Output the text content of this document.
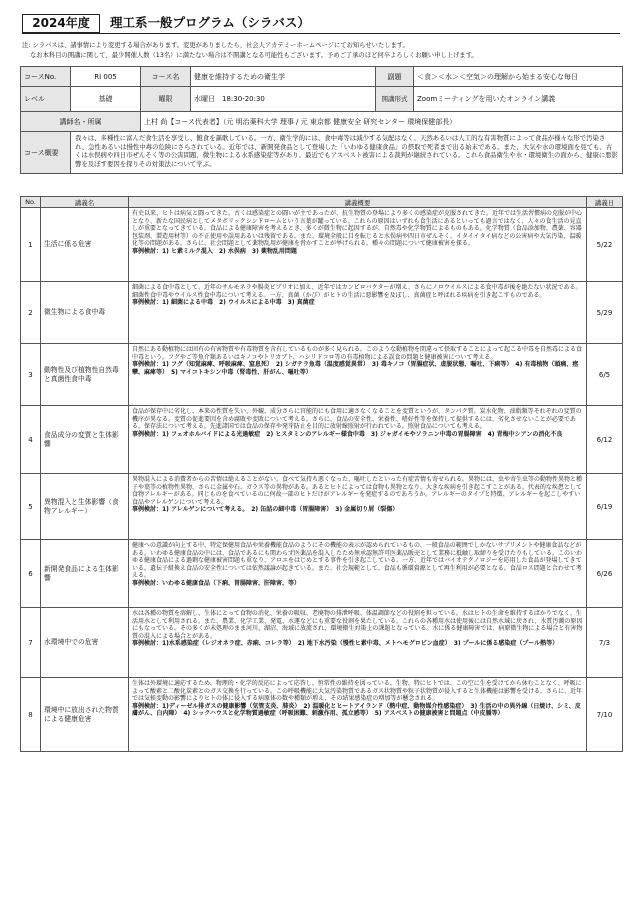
2024年度	理工系一般プログラム（シラバス）
注: シラバスは、諸事情により変更する場合があります。変更がありましたら、社会人アカデミーホームページにてお知らせいたします。
なお本科目の開講に関して、最少開催人数（13名）に満たない場合は不開講となる可能性もございます。予めご了承のほど何卒よろしくお願い申し上げます。
コースNo.	RI 005	コース名	健康を維持するための衛生学	副題	＜食＞＜水＞＜空気＞の理解から始まる安心な毎日
レベル	基礎	曜限	水曜日　18:30-20:30	開講形式	Zoomミーティングを用いたオンライン講義
講師名・所属		上村 尚【コース代表者】（元 明治薬科大学 理事 / 元 東京都 健康安全 研究センター 環境保健部長）			
コース概要	我々は、多種性に富んだ食生活を享受し、飽食を謳歌している。一方、衛生学的には、食中毒等は減少する気配はなく、天然あるいは人工的な有害物質によって食品が様々な形で汚染され、急性あるいは慢性中毒の危険にさらされている。近年では、新開発食品として登場した「いわゆる健康食品」の摂取で死者まで出る始末である。また、大気や水の環境面を見ても、古くは水俣病や四日市ぜんそく等の公害問題、微生物による水系感染症等があり、最近でもアスベスト被害による裁判が継続されている。これら食品衛生や水・環境衛生の面から、健康に悪影響を及ぼす要因を探りその対策法について学ぶ。				
No.	講義名	講義概要	講義日
1	生活に係る危害	有史以来、ヒトは病気と闘ってきた。古くは感染症との闘いが主であったが、抗生物質の登場により多くの感染症が克服されてきた。近年では生活習慣病の克服が中心となり、新たな国民病としてメタボリックシンドロームという言葉が躍っている。これらの原因はいずれも食生活にあるといっても過言ではなく、人々の食生活の見直しが重要となってきている。食品による健康障害を考えるとき、多くが微生物に起因するが、自然毒や化学物質によるものもある。化学物質（食品添加物、農薬、容器包装剤、製造用材等）の不正使用や誤用あるいは残留である。また、環境全般に目を転じると水俣病や四日市ぜんそく、イタイイタイ病などの公害病や大気汚染、温暖化等の問題がある。さらに、社会問題として薬物乱用が健康を脅かすことが挙げられる。種々の問題について健康被害を探る。
事例検討：1) ヒ素ミルク混入　2) 水俣病　3) 薬物乱用問題	5/22
2	微生物による食中毒	細菌による食中毒として、近年のサルモネラや腸炎ビブリオに加え、近年ではカンピロバクターが増え、さらにノロウイルスによる食中毒が後を絶たない状況である。細菌性食中毒やウイルス性食中毒について考える。一方、真菌（かび）がヒトの生活に悪影響を及ぼし、真菌症と呼ばれる疾病を引き起こすものである。
事例検討：1) 細菌による中毒　2) ウイルスによる中毒　3) 真菌症	5/29
3	動物性及び植物性自然毒と真菌性食中毒	自然にある動植物には固有の有害物質や有毒物質を含有しているものが多く見られる。このような動植物を間違って摂取することによって起こる中毒を自然毒による食中毒という。フグやご等魚介類あるいはキノコやトリカブト、ハシリドコロ等の有毒植物による誤食の問題と健康被害について考える。
事例検討：1) フグ（知覚麻痺、呼吸麻痺、窒息死）　2) シガテラ魚毒（温度感覚異常）　3) 毒キノコ（胃腸症状、虚脱状態、嘔吐、下痢等）　4) 有毒植物（頭痛、痙攣、麻痺等）　5) マイコトキシン中毒（腎毒性、肝がん、嘔吐等）	6/5
4	食品成分の変質と生体影響	食品が保存中に劣化し、本来の性質を失い、外観、成分さらに官能的にも食用に適さなくなることを変質というが、タンパク質、炭水化物、油脂類等それぞれの変質の機序が異なる。変質の促進要因を含め腐敗や変敗について考える。さらに、食品の安全性、栄養性、嗜好性等を保持して提供するには、劣化させないことが必要である。保存法について考える。先進諸国では食品の保存や発芽防止を目的に放射線照射が行われている。照射食品についても考える。
事例検討：1) フェオホルバイドによる光過敏症　2) ヒスタミンのアレルギー様食中毒　3) ジャガイモやソラニン中毒の胃腸障害　4) 青梅中シアンの消化不良	6/12
5	異物混入と生体影響（食物アレルギー）	異物混入による消費者からの苦情は絶えることがない。食べて気持ち悪くなった、嘔吐したといった有症苦情も寄せられる。異物には、虫や寄生虫等の動物性異物と種子や葉等の植物性異物、さらに金属や石、ガラス等の異物がある。あるとヒトによっては食物も異物となり、大きな疾病を引き起こすことがある。代表的な疾患として食物アレルギーがある。同じものを食べているのに何故一部のヒトだけがアレルギーを発症するのであろうか。アレルギーのタイプと特徴、アレルギーを起こしやすい食品やアレルゲンについて考える。
事例検討：1) アレルゲンについて考える。　2) 缶詰の細中毒（胃腸障害）　3) 金属切り屑（裂傷）	6/19
6	新開発食品による生体影響	健康への意識が向上する中、特定保健用食品や栄養機能食品のようにその機能の表示が認められているもの、一般食品の範囲でしかないサプリメントや健康食品などがある。いわゆる健康食品の中には、食品であるにも関わらず医薬品を混入したため無承認無許可医薬品販売として業務に抵触し取締りを受けたりもしている。このいわゆる健康食品による過剰な健康被害問題も重なり、アロエをはじめとする事件を引き起こしている。一方、近年ではバイオテクノロジーを応用した食品が登場してきている。遺伝子組換え食品の安全性については依然議論が起きている。また、社会規範として、食品も循環資源として再生利用が必要となる。食品ロス問題と合わせて考える。
事例検討：いわゆる健康食品（下痢、胃腸障害、肝障害、等）	6/26
7	水環境中での危害	水は各種の物質を溶解し、生体にとって食物の消化、栄養の吸収、老廃物の排泄呼吸、体温調節などの役割を担っている。水はヒトの生命を維持するばかりでなく、生活用水として利用される。また、農業、化学工業、発電、水運などにも重要な役割を果たしている。これらの各種用水は使用後には自然水域に戻され、水質汚濁の原因にもなっている。その多くが未処理のまま河川、湖沼、海域に放流され、環境衛生対策上の課題となっている。水に係る健康障害では、病原微生物による場合と有害物質の混入による場合とがある。
事例検討：1)水系感染症（レジオネラ症、赤痢、コレラ等）　2) 地下水汚染（慢性ヒ素中毒、メトヘモグロビン血症）　3) プールに係る感染症（プール熱等）	7/3
8	環境中に放出された物質による健康危害	生体は外環境に適応するため、物理的・化学的反応によって応答し、恒常性の維持を図っている。生物、特にヒトでは、この空に生を受けてから休むことなく、呼吸によって酸素と二酸化炭素とのガス交換を行っている。この呼吸機能に大気汚染物質であるガス状物質や粒子状物質が侵入すると生体機能は影響を受ける。さらに、近年では気候変動の影響によりヒトの体に侵入する病原体の数や種類が増え、その結果感染症の増加等が懸念される。
事例検討：1)ディーゼル排ガスの健康影響（気管支炎、肺炎）　2) 温暖化とヒートアイランド（熱中症、動物媒介性感染症）　3) 生活の中の異外線（日焼け、シミ、皮膚がん、白内障）　4) シックハウスと化学物質過敏症（呼吸困難、刺激作用、孤立感等）　5) アスベストの健康被害と問題点（中皮腫等）	7/10
